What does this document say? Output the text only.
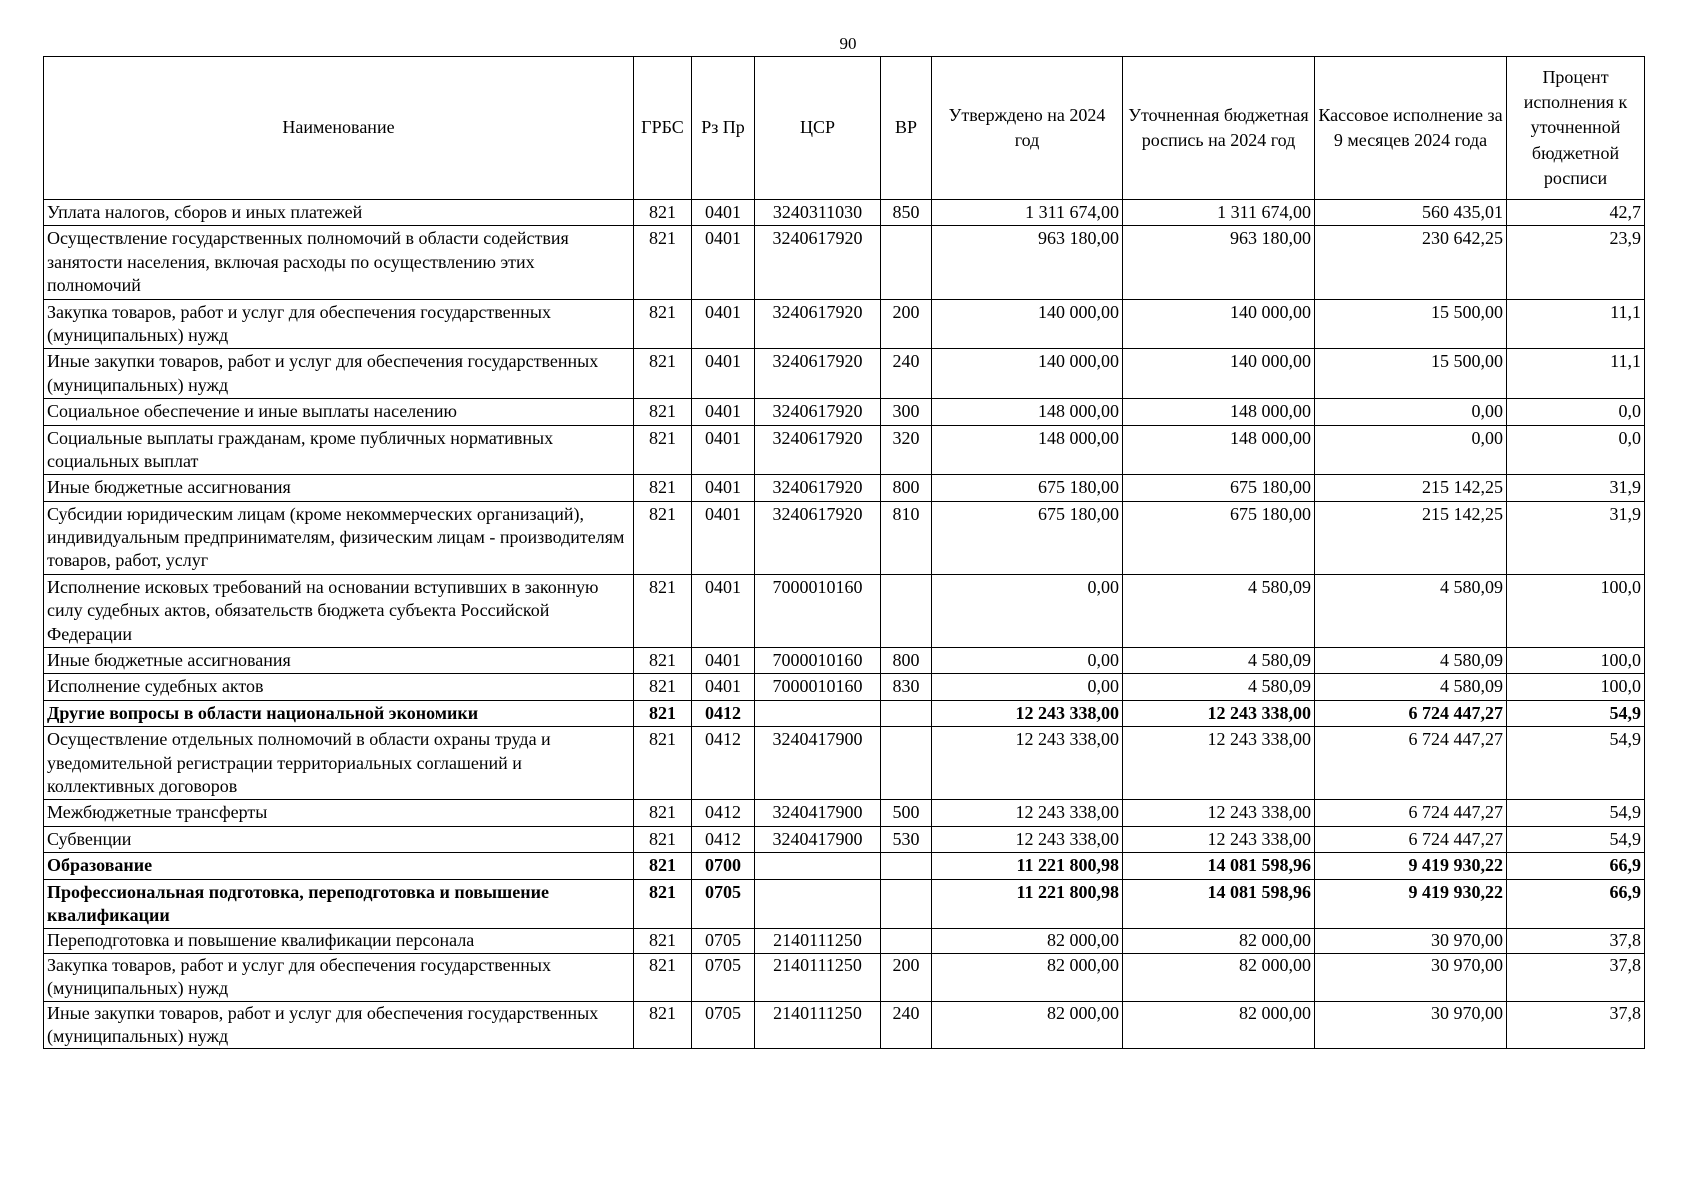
90
Наименование	ГРБС	Рз Пр	ЦСР	ВР	Утверждено на 2024 год	Уточненная бюджетная роспись на 2024 год	Кассовое исполнение за 9 месяцев 2024 года	Процент исполнения к уточненной бюджетной росписи
Уплата налогов, сборов и иных платежей	821	0401	3240311030	850	1 311 674,00	1 311 674,00	560 435,01	42,7
Осуществление государственных полномочий в области содействия занятости населения, включая расходы по осуществлению этих полномочий	821	0401	3240617920		963 180,00	963 180,00	230 642,25	23,9
Закупка товаров, работ и услуг для обеспечения государственных (муниципальных) нужд	821	0401	3240617920	200	140 000,00	140 000,00	15 500,00	11,1
Иные закупки товаров, работ и услуг для обеспечения государственных (муниципальных) нужд	821	0401	3240617920	240	140 000,00	140 000,00	15 500,00	11,1
Социальное обеспечение и иные выплаты населению	821	0401	3240617920	300	148 000,00	148 000,00	0,00	0,0
Социальные выплаты гражданам, кроме публичных нормативных социальных выплат	821	0401	3240617920	320	148 000,00	148 000,00	0,00	0,0
Иные бюджетные ассигнования	821	0401	3240617920	800	675 180,00	675 180,00	215 142,25	31,9
Субсидии юридическим лицам (кроме некоммерческих организаций), индивидуальным предпринимателям, физическим лицам - производителям товаров, работ, услуг	821	0401	3240617920	810	675 180,00	675 180,00	215 142,25	31,9
Исполнение исковых требований на основании вступивших в законную силу судебных актов, обязательств бюджета субъекта Российской Федерации	821	0401	7000010160		0,00	4 580,09	4 580,09	100,0
Иные бюджетные ассигнования	821	0401	7000010160	800	0,00	4 580,09	4 580,09	100,0
Исполнение судебных актов	821	0401	7000010160	830	0,00	4 580,09	4 580,09	100,0
Другие вопросы в области национальной экономики	821	0412			12 243 338,00	12 243 338,00	6 724 447,27	54,9
Осуществление отдельных полномочий в области охраны труда и уведомительной регистрации территориальных соглашений и коллективных договоров	821	0412	3240417900		12 243 338,00	12 243 338,00	6 724 447,27	54,9
Межбюджетные трансферты	821	0412	3240417900	500	12 243 338,00	12 243 338,00	6 724 447,27	54,9
Субвенции	821	0412	3240417900	530	12 243 338,00	12 243 338,00	6 724 447,27	54,9
Образование	821	0700			11 221 800,98	14 081 598,96	9 419 930,22	66,9
Профессиональная подготовка, переподготовка и повышение квалификации	821	0705			11 221 800,98	14 081 598,96	9 419 930,22	66,9
Переподготовка и повышение квалификации персонала	821	0705	2140111250		82 000,00	82 000,00	30 970,00	37,8
Закупка товаров, работ и услуг для обеспечения государственных (муниципальных) нужд	821	0705	2140111250	200	82 000,00	82 000,00	30 970,00	37,8
Иные закупки товаров, работ и услуг для обеспечения государственных (муниципальных) нужд	821	0705	2140111250	240	82 000,00	82 000,00	30 970,00	37,8
